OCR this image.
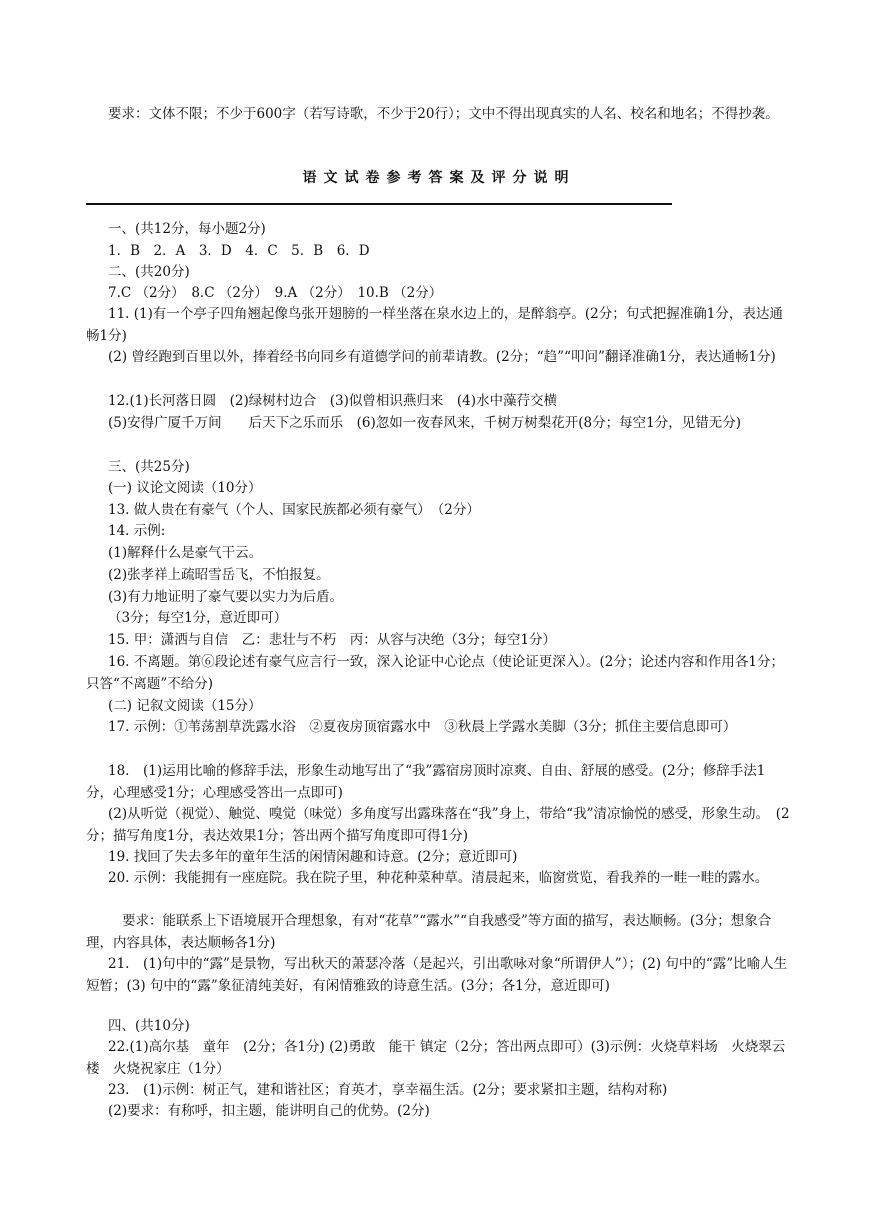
要求：文体不限；不少于600字（若写诗歌，不少于20行）；文中不得出现真实的人名、校名和地名；不得抄袭。

语文试卷参考答案及评分说明

一、(共12分，每小题2分)

1．B　2．A　3．D　4．C　5．B　6．D

二、(共20分)

7.C （2分）　8.C （2分）　9.A （2分）　10.B （2分）

11. (1)有一个亭子四角翘起像鸟张开翅膀的一样坐落在泉水边上的，是醉翁亭。(2分；句式把握准确1分，表达通畅1分)

(2) 曾经跑到百里以外，捧着经书向同乡有道德学问的前辈请教。(2分；“趋”“叩问”翻译准确1分，表达通畅1分)

12.(1)长河落日圆　(2)绿树村边合　(3)似曾相识燕归来　(4)水中藻荇交横

(5)安得广厦千万间　　后天下之乐而乐　(6)忽如一夜春风来，千树万树梨花开(8分；每空1分，见错无分)

三、(共25分)

(一) 议论文阅读（10分）

13. 做人贵在有豪气（个人、国家民族都必须有豪气）　（2分）

14. 示例:

(1)解释什么是豪气干云。

(2)张孝祥上疏昭雪岳飞，不怕报复。

(3)有力地证明了豪气要以实力为后盾。

（3分；每空1分，意近即可）

15. 甲：潇洒与自信　乙：悲壮与不朽　丙：从容与决绝（3分；每空1分）

16. 不离题。第⑥段论述有豪气应言行一致，深入论证中心论点（使论证更深入）。(2分；论述内容和作用各1分；只答“不离题”不给分)

(二) 记叙文阅读（15分）

17. 示例：①苇荡割草洗露水浴　②夏夜房顶宿露水中　③秋晨上学露水美脚（3分；抓住主要信息即可）

18.　(1)运用比喻的修辞手法，形象生动地写出了“我”露宿房顶时凉爽、自由、舒展的感受。(2分；修辞手法1分，心理感受1分；心理感受答出一点即可)

(2)从听觉（视觉）、触觉、嗅觉（味觉）多角度写出露珠落在“我”身上，带给“我”清凉愉悦的感受，形象生动。　(2分；描写角度1分，表达效果1分；答出两个描写角度即可得1分)

19. 找回了失去多年的童年生活的闲情闲趣和诗意。(2分；意近即可)

20. 示例：我能拥有一座庭院。我在院子里，种花种菜种草。清晨起来，临窗赏览，看我养的一畦一畦的露水。

要求：能联系上下语境展开合理想象，有对“花草”“露水”“自我感受”等方面的描写，表达顺畅。(3分；想象合理，内容具体，表达顺畅各1分)

21.　(1)句中的“露”是景物，写出秋天的萧瑟冷落（是起兴，引出歌咏对象“所谓伊人”）；(2) 句中的“露”比喻人生短暂；(3) 句中的“露”象征清纯美好，有闲情雅致的诗意生活。(3分；各1分，意近即可)

四、(共10分)

22.(1)高尔基　童年　(2分；各1分) (2)勇敢　能干 镇定（2分；答出两点即可）(3)示例：火烧草料场　火烧翠云楼　火烧祝家庄（1分）

23.　(1)示例：树正气，建和谐社区；育英才，享幸福生活。(2分；要求紧扣主题，结构对称)

(2)要求：有称呼，扣主题，能讲明自己的优势。(2分)
